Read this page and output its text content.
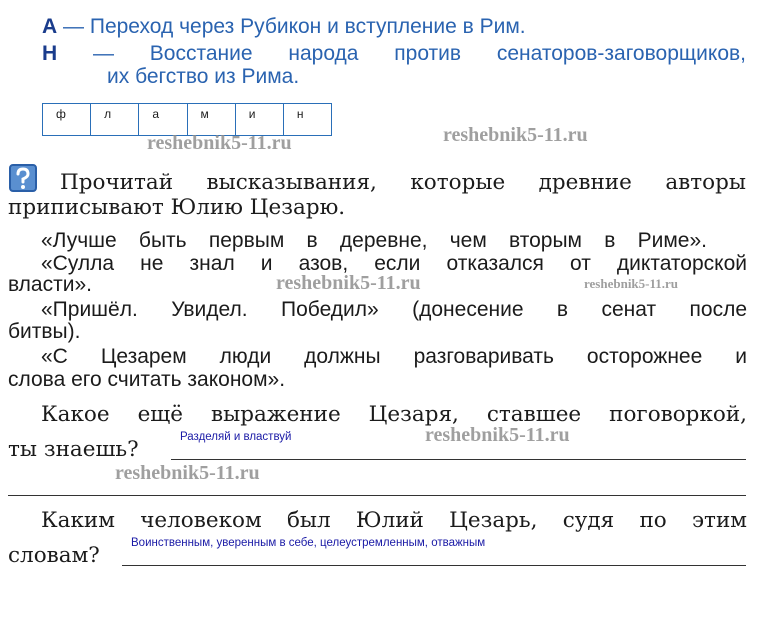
А — Переход через Рубикон и вступление в Рим.
Н — Восстание народа против сенаторов-заговорщиков,
их бегство из Рима.
ф	л	а	м	и	н
Прочитай высказывания, которые древние авторы
приписывают Юлию Цезарю.
«Лучше быть первым в деревне, чем вторым в Риме».
«Сулла не знал и азов, если отказался от диктаторской
власти».
«Пришёл. Увидел. Победил» (донесение в сенат после
битвы).
«С Цезарем люди должны разговаривать осторожнее и
слова его считать законом».
Какое ещё выражение Цезаря, ставшее поговоркой,
ты знаешь?	Разделяй и властвуй
Каким человеком был Юлий Цезарь, судя по этим
словам?	Воинственным, уверенным в себе, целеустремленным, отважным
reshebnik5-11.ru	reshebnik5-11.ru
reshebnik5-11.ru	reshebnik5-11.ru
reshebnik5-11.ru
reshebnik5-11.ru
